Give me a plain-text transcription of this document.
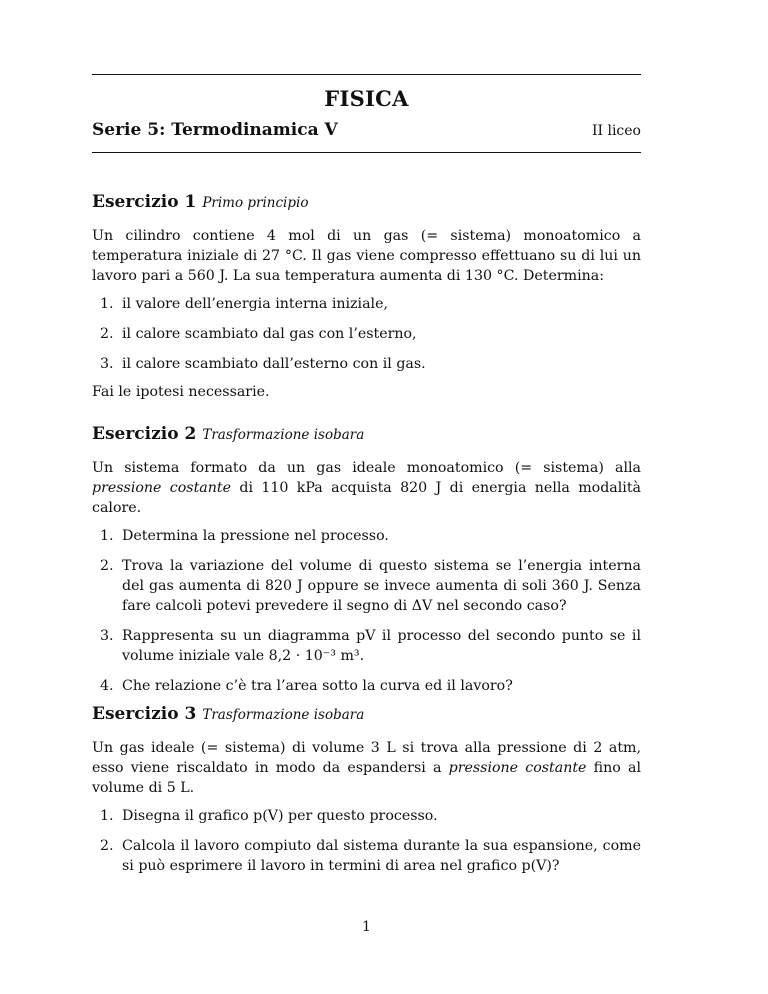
FISICA
Serie 5: Termodinamica V	II liceo
Esercizio 1 Primo principio
Un cilindro contiene 4 mol di un gas (= sistema) monoatomico a temperatura iniziale di 27 °C. Il gas viene compresso effettuano su di lui un lavoro pari a 560 J. La sua temperatura aumenta di 130 °C. Determina:
1. il valore dell’energia interna iniziale,
2. il calore scambiato dal gas con l’esterno,
3. il calore scambiato dall’esterno con il gas.
Fai le ipotesi necessarie.
Esercizio 2 Trasformazione isobara
Un sistema formato da un gas ideale monoatomico (= sistema) alla pressione costante di 110 kPa acquista 820 J di energia nella modalità calore.
1. Determina la pressione nel processo.
2. Trova la variazione del volume di questo sistema se l’energia interna del gas aumenta di 820 J oppure se invece aumenta di soli 360 J. Senza fare calcoli potevi prevedere il segno di ΔV nel secondo caso?
3. Rappresenta su un diagramma pV il processo del secondo punto se il volume iniziale vale 8,2 · 10⁻³ m³.
4. Che relazione c’è tra l’area sotto la curva ed il lavoro?
Esercizio 3 Trasformazione isobara
Un gas ideale (= sistema) di volume 3 L si trova alla pressione di 2 atm, esso viene riscaldato in modo da espandersi a pressione costante fino al volume di 5 L.
1. Disegna il grafico p(V) per questo processo.
2. Calcola il lavoro compiuto dal sistema durante la sua espansione, come si può esprimere il lavoro in termini di area nel grafico p(V)?
1
